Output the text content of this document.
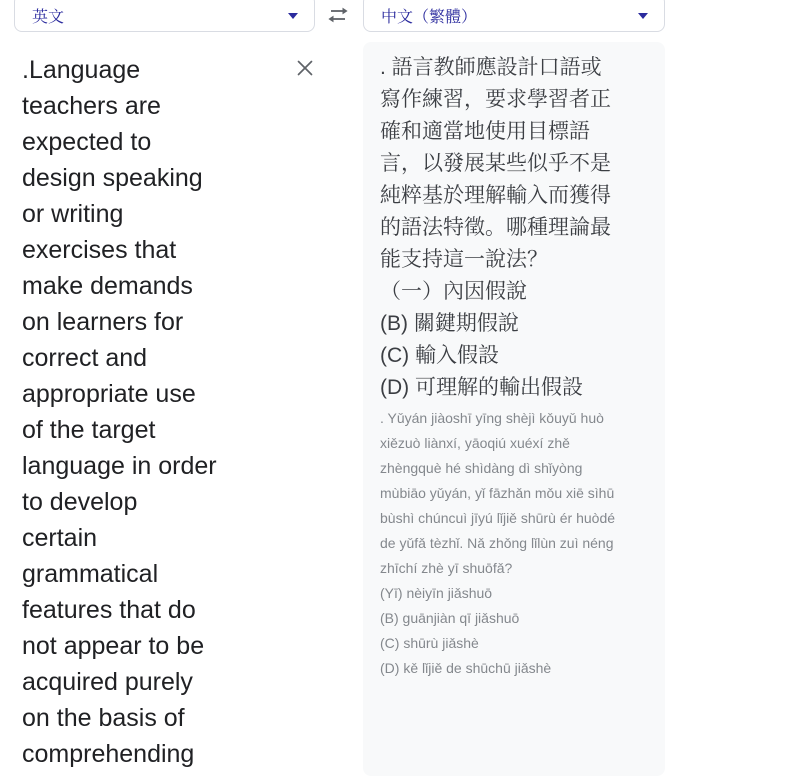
英文	中文（繁體）
.Language
teachers are
expected to
design speaking
or writing
exercises that
make demands
on learners for
correct and
appropriate use
of the target
language in order
to develop
certain
grammatical
features that do
not appear to be
acquired purely
on the basis of
comprehending
. 語言教師應設計口語或
寫作練習，要求學習者正
確和適當地使用目標語
言，以發展某些似乎不是
純粹基於理解輸入而獲得
的語法特徵。哪種理論最
能支持這一說法？
（一）內因假說
(B) 關鍵期假說
(C) 輸入假設
(D) 可理解的輸出假設
. Yǔyán jiàoshī yīng shèjì kǒuyǔ huò
xiězuò liànxí, yāoqiú xuéxí zhě
zhèngquè hé shìdàng dì shǐyòng
mùbiāo yǔyán, yǐ fāzhǎn mǒu xiē sìhū
bùshì chúncuì jīyú lǐjiě shūrù ér huòdé
de yǔfǎ tèzhǐ. Nǎ zhǒng lǐlùn zuì néng
zhīchí zhè yī shuōfǎ?
(Yī) nèiyīn jiǎshuō
(B) guānjiàn qī jiǎshuō
(C) shūrù jiǎshè
(D) kě lǐjiě de shūchū jiǎshè
